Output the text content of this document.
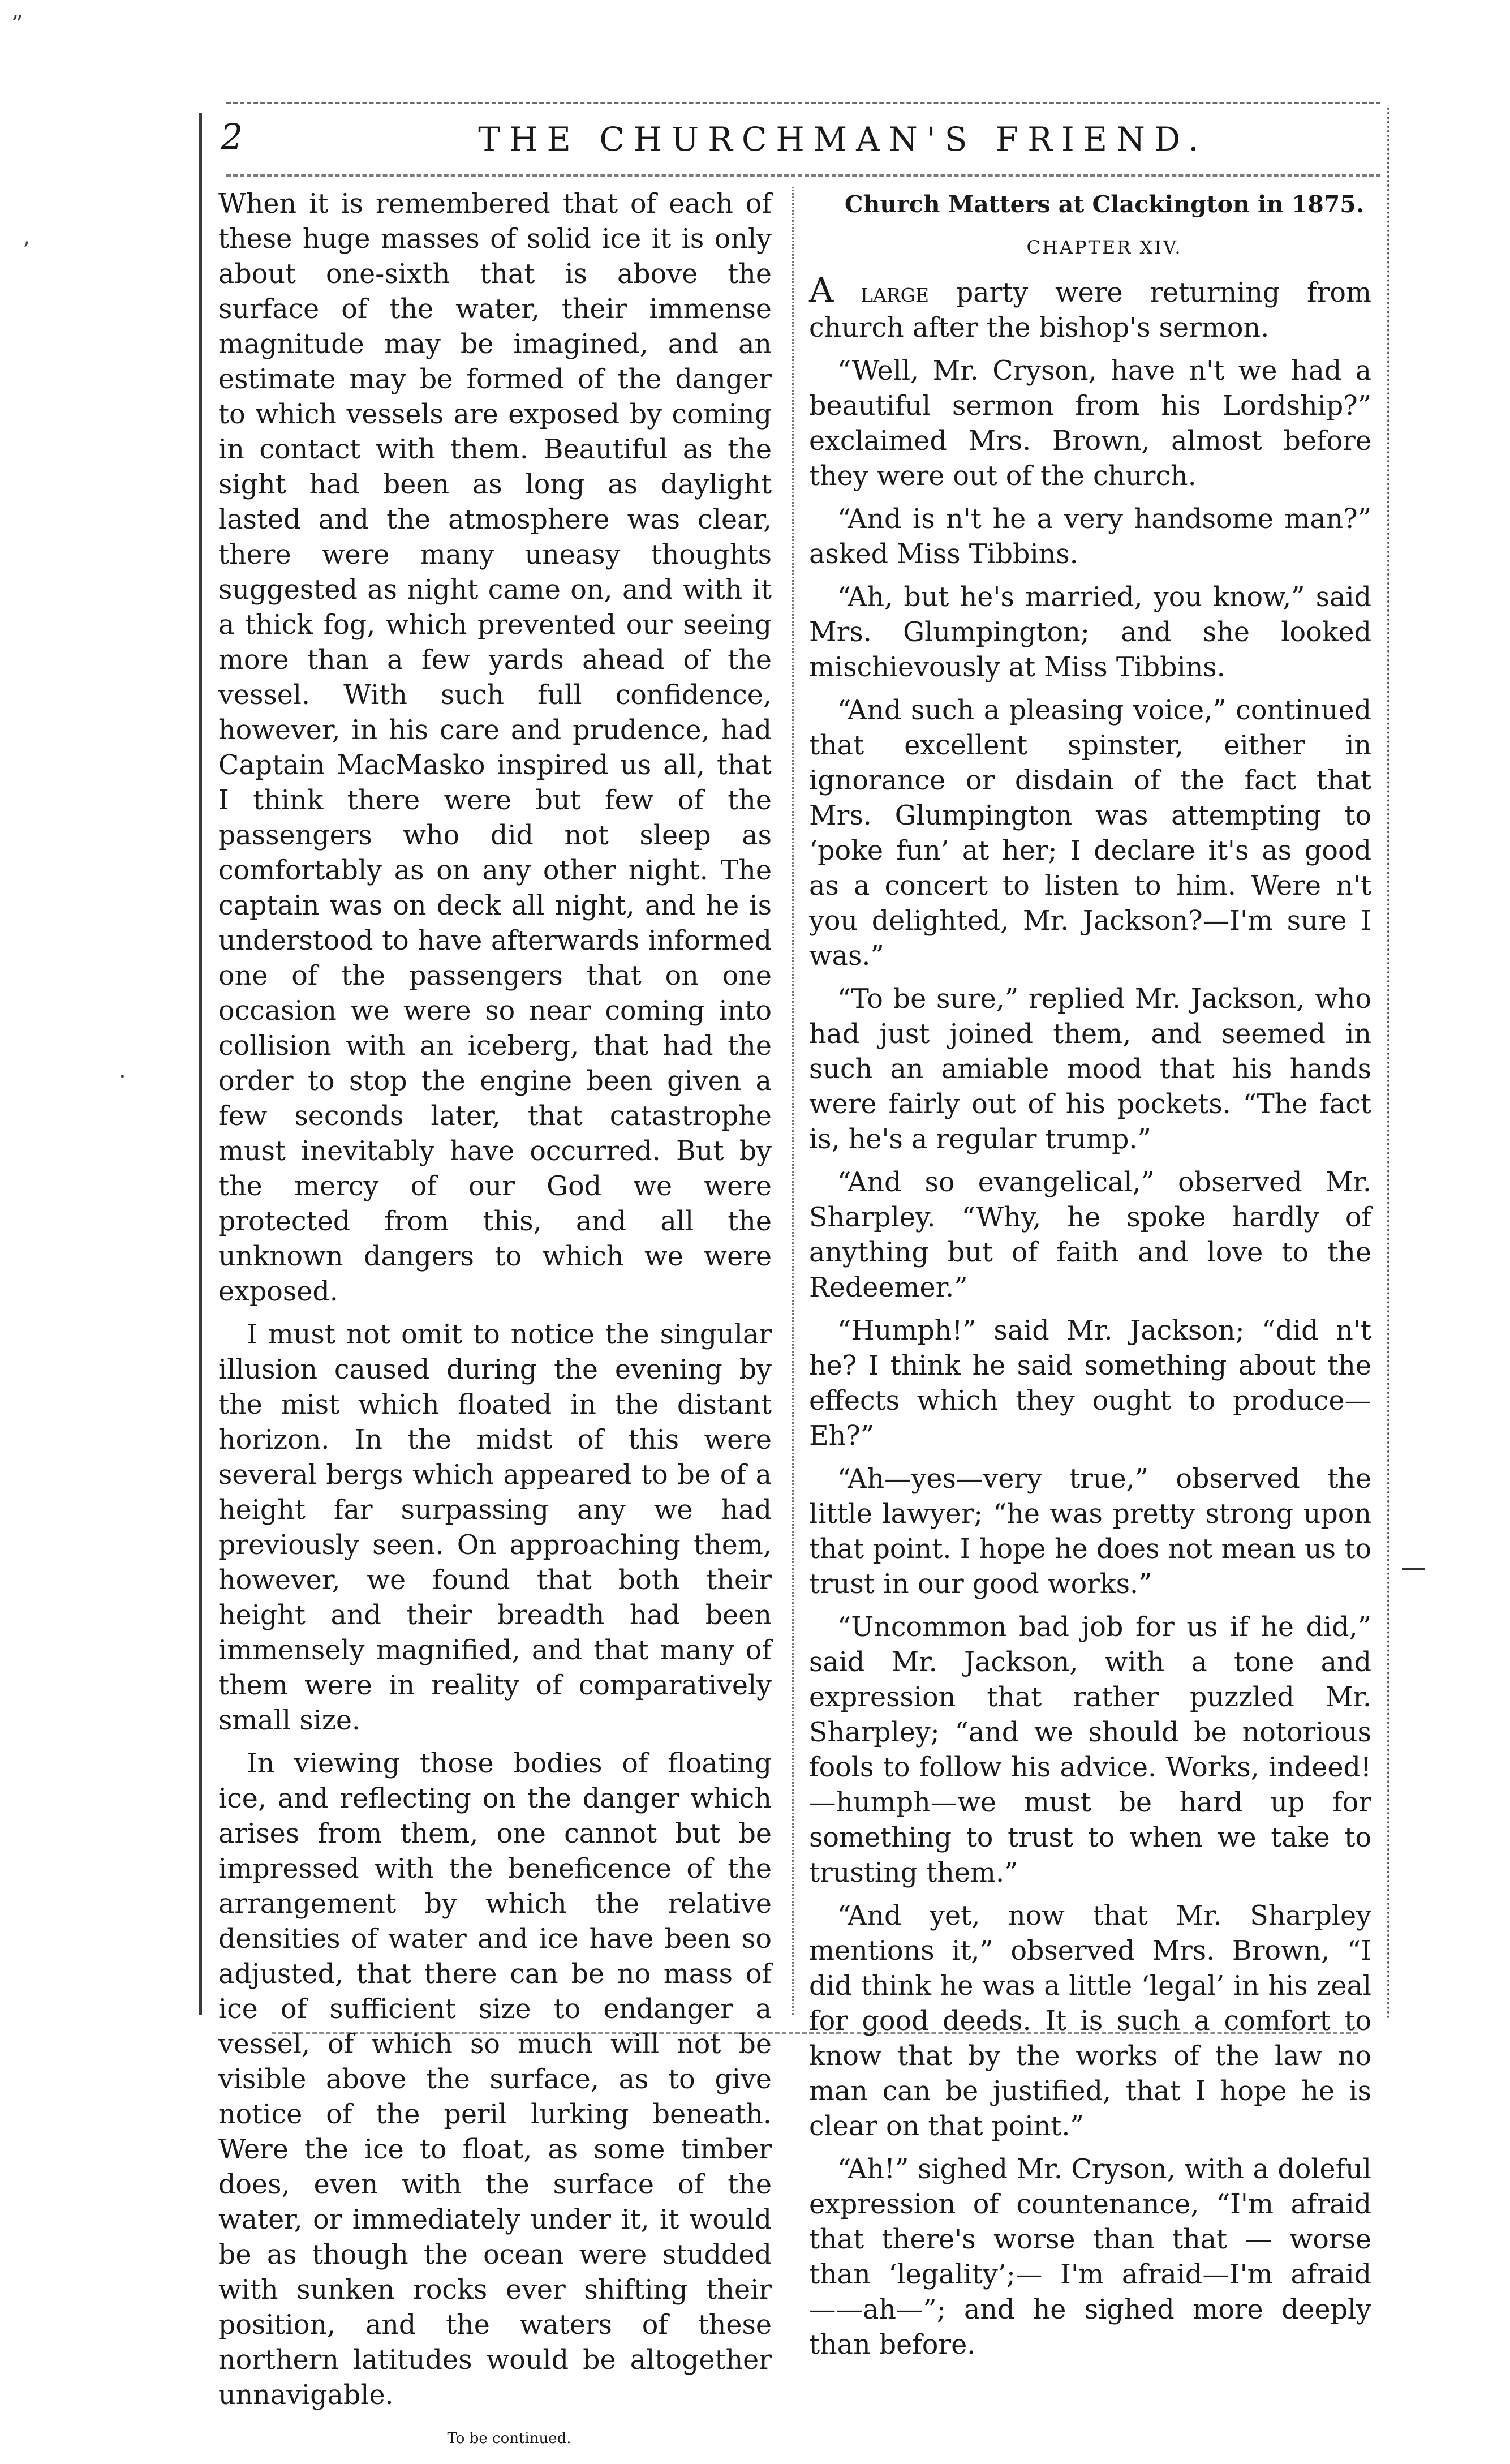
”
’
·
2	THE CHURCHMAN'S FRIEND.

When it is remembered that of each of these huge masses of solid ice it is only about one-sixth that is above the surface of the water, their immense magnitude may be imagined, and an estimate may be formed of the danger to which vessels are exposed by coming in contact with them. Beautiful as the sight had been as long as daylight lasted and the atmosphere was clear, there were many uneasy thoughts suggested as night came on, and with it a thick fog, which prevented our seeing more than a few yards ahead of the vessel. With such full confidence, however, in his care and prudence, had Captain MacMasko inspired us all, that I think there were but few of the passengers who did not sleep as comfortably as on any other night. The captain was on deck all night, and he is understood to have afterwards informed one of the passengers that on one occasion we were so near coming into collision with an iceberg, that had the order to stop the engine been given a few seconds later, that catastrophe must inevitably have occurred. But by the mercy of our God we were protected from this, and all the unknown dangers to which we were exposed.

I must not omit to notice the singular illusion caused during the evening by the mist which floated in the distant horizon. In the midst of this were several bergs which appeared to be of a height far surpassing any we had previously seen. On approaching them, however, we found that both their height and their breadth had been immensely magnified, and that many of them were in reality of comparatively small size.

In viewing those bodies of floating ice, and reflecting on the danger which arises from them, one cannot but be impressed with the beneficence of the arrangement by which the relative densities of water and ice have been so adjusted, that there can be no mass of ice of sufficient size to endanger a vessel, of which so much will not be visible above the surface, as to give notice of the peril lurking beneath. Were the ice to float, as some timber does, even with the surface of the water, or immediately under it, it would be as though the ocean were studded with sunken rocks ever shifting their position, and the waters of these northern latitudes would be altogether unnavigable.

To be continued.

Church Matters at Clackington in 1875.

CHAPTER XIV.

A large party were returning from church after the bishop's sermon.

“Well, Mr. Cryson, have n't we had a beautiful sermon from his Lordship?” exclaimed Mrs. Brown, almost before they were out of the church.

“And is n't he a very handsome man?” asked Miss Tibbins.

“Ah, but he's married, you know,” said Mrs. Glumpington; and she looked mischievously at Miss Tibbins.

“And such a pleasing voice,” continued that excellent spinster, either in ignorance or disdain of the fact that Mrs. Glumpington was attempting to ‘poke fun’ at her; I declare it's as good as a concert to listen to him. Were n't you delighted, Mr. Jackson?—I'm sure I was.”

“To be sure,” replied Mr. Jackson, who had just joined them, and seemed in such an amiable mood that his hands were fairly out of his pockets. “The fact is, he's a regular trump.”

“And so evangelical,” observed Mr. Sharpley. “Why, he spoke hardly of anything but of faith and love to the Redeemer.”

“Humph!” said Mr. Jackson; “did n't he? I think he said something about the effects which they ought to produce—Eh?”

“Ah—yes—very true,” observed the little lawyer; “he was pretty strong upon that point. I hope he does not mean us to trust in our good works.”

“Uncommon bad job for us if he did,” said Mr. Jackson, with a tone and expression that rather puzzled Mr. Sharpley; “and we should be notorious fools to follow his advice. Works, indeed!—humph—we must be hard up for something to trust to when we take to trusting them.”

“And yet, now that Mr. Sharpley mentions it,” observed Mrs. Brown, “I did think he was a little ‘legal’ in his zeal for good deeds. It is such a comfort to know that by the works of the law no man can be justified, that I hope he is clear on that point.”

“Ah!” sighed Mr. Cryson, with a doleful expression of countenance, “I'm afraid that there's worse than that — worse than ‘legality’;— I'm afraid—I'm afraid——ah—”; and he sighed more deeply than before.
